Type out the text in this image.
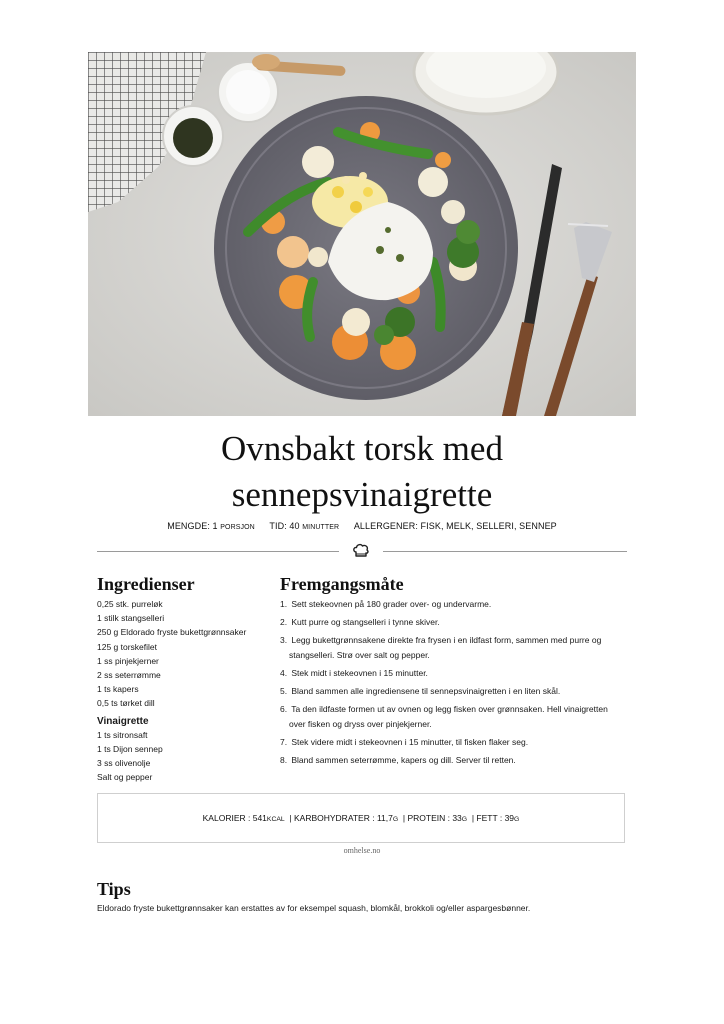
Ovnsbakt torsk med
sennepsvinaigrette
MENGDE: 1 PORSJON TID: 40 MINUTTER ALLERGENER: FISK, MELK, SELLERI, SENNEP
Ingredienser
0,25 stk. purreløk
1 stilk stangselleri
250 g Eldorado fryste bukettgrønnsaker
125 g torskefilet
1 ss pinjekjerner
2 ss seterrømme
1 ts kapers
0,5 ts tørket dill
Vinaigrette
1 ts sitronsaft
1 ts Dijon sennep
3 ss olivenolje
Salt og pepper
Fremgangsmåte
1. Sett stekeovnen på 180 grader over- og undervarme.
2. Kutt purre og stangselleri i tynne skiver.
3. Legg bukettgrønnsakene direkte fra frysen i en ildfast form, sammen med purre og stangselleri. Strø over salt og pepper.
4. Stek midt i stekeovnen i 15 minutter.
5. Bland sammen alle ingrediensene til sennepsvinaigretten i en liten skål.
6. Ta den ildfaste formen ut av ovnen og legg fisken over grønnsaken. Hell vinaigretten over fisken og dryss over pinjekjerner.
7. Stek videre midt i stekeovnen i 15 minutter, til fisken flaker seg.
8. Bland sammen seterrømme, kapers og dill. Server til retten.
KALORIER : 541KCAL | KARBOHYDRATER : 11,7G | PROTEIN : 33G | FETT : 39G
omhelse.no
Tips

Eldorado fryste bukettgrønnsaker kan erstattes av for eksempel squash, blomkål, brokkoli og/eller aspargesbønner.
